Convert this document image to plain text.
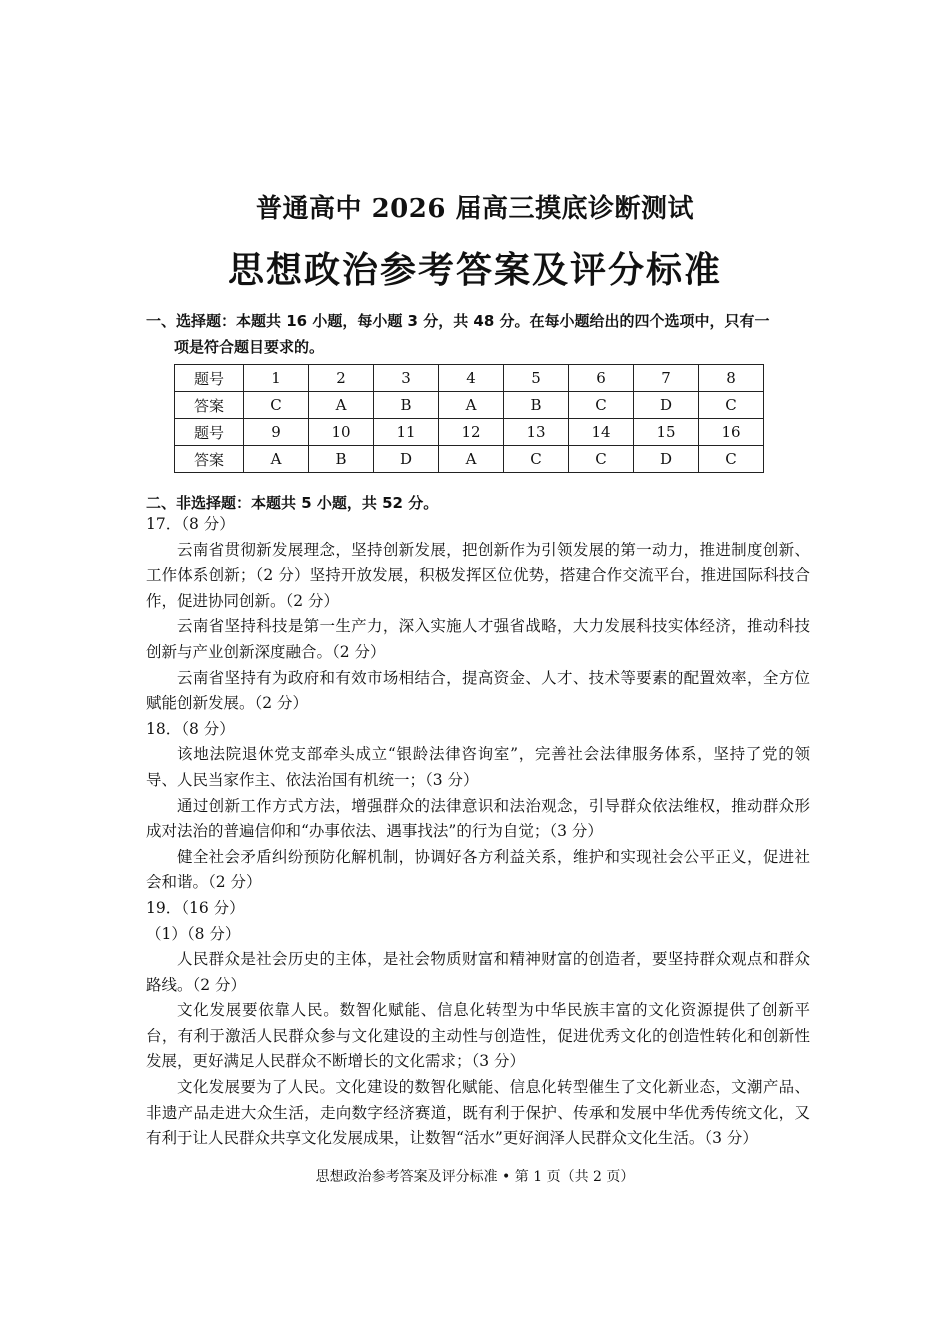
普通高中 2026 届高三摸底诊断测试
思想政治参考答案及评分标准
一、选择题：本题共 16 小题，每小题 3 分，共 48 分。在每小题给出的四个选项中，只有一
项是符合题目要求的。
题号	1	2	3	4	5	6	7	8
答案	C	A	B	A	B	C	D	C
题号	9	10	11	12	13	14	15	16
答案	A	B	D	A	C	C	D	C
二、非选择题：本题共 5 小题，共 52 分。
17．（8 分）
云南省贯彻新发展理念，坚持创新发展，把创新作为引领发展的第一动力，推进制度创新、工作体系创新；（2 分）坚持开放发展，积极发挥区位优势，搭建合作交流平台，推进国际科技合作，促进协同创新。（2 分）
云南省坚持科技是第一生产力，深入实施人才强省战略，大力发展科技实体经济，推动科技创新与产业创新深度融合。（2 分）
云南省坚持有为政府和有效市场相结合，提高资金、人才、技术等要素的配置效率，全方位赋能创新发展。（2 分）
18．（8 分）
该地法院退休党支部牵头成立“银龄法律咨询室”，完善社会法律服务体系，坚持了党的领导、人民当家作主、依法治国有机统一；（3 分）
通过创新工作方式方法，增强群众的法律意识和法治观念，引导群众依法维权，推动群众形成对法治的普遍信仰和“办事依法、遇事找法”的行为自觉；（3 分）
健全社会矛盾纠纷预防化解机制，协调好各方利益关系，维护和实现社会公平正义，促进社会和谐。（2 分）
19．（16 分）
（1）（8 分）
人民群众是社会历史的主体，是社会物质财富和精神财富的创造者，要坚持群众观点和群众路线。（2 分）
文化发展要依靠人民。数智化赋能、信息化转型为中华民族丰富的文化资源提供了创新平台，有利于激活人民群众参与文化建设的主动性与创造性，促进优秀文化的创造性转化和创新性发展，更好满足人民群众不断增长的文化需求；（3 分）
文化发展要为了人民。文化建设的数智化赋能、信息化转型催生了文化新业态，文潮产品、非遗产品走进大众生活，走向数字经济赛道，既有利于保护、传承和发展中华优秀传统文化，又有利于让人民群众共享文化发展成果，让数智“活水”更好润泽人民群众文化生活。（3 分）
思想政治参考答案及评分标准 • 第 1 页（共 2 页）
